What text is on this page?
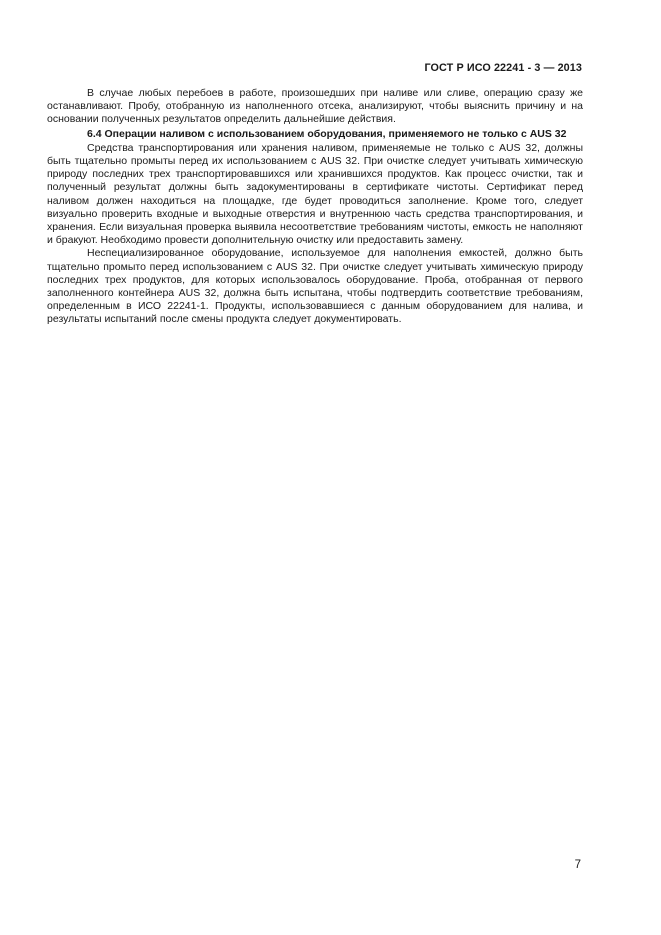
ГОСТ Р ИСО 22241 - 3 — 2013

В случае любых перебоев в работе, произошедших при наливе или сливе, операцию сразу же останавливают. Пробу, отобранную из наполненного отсека, анализируют, чтобы выяснить причину и на основании полученных результатов определить дальнейшие действия.

6.4 Операции наливом с использованием оборудования, применяемого не только с AUS 32

Средства транспортирования или хранения наливом, применяемые не только с AUS 32, должны быть тщательно промыты перед их использованием с AUS 32. При очистке следует учитывать химическую природу последних трех транспортировавшихся или хранившихся продуктов. Как процесс очистки, так и полученный результат должны быть задокументированы в сертификате чистоты. Сертификат перед наливом должен находиться на площадке, где будет проводиться заполнение. Кроме того, следует визуально проверить входные и выходные отверстия и внутреннюю часть средства транспортирования, и хранения. Если визуальная проверка выявила несоответствие требованиям чистоты, емкость не наполняют и бракуют. Необходимо провести дополнительную очистку или предоставить замену.

Неспециализированное оборудование, используемое для наполнения емкостей, должно быть тщательно промыто перед использованием с AUS 32. При очистке следует учитывать химическую природу последних трех продуктов, для которых использовалось оборудование. Проба, отобранная от первого заполненного контейнера AUS 32, должна быть испытана, чтобы подтвердить соответствие требованиям, определенным в ИСО 22241-1. Продукты, использовавшиеся с данным оборудованием для налива, и результаты испытаний после смены продукта следует документировать.

7
